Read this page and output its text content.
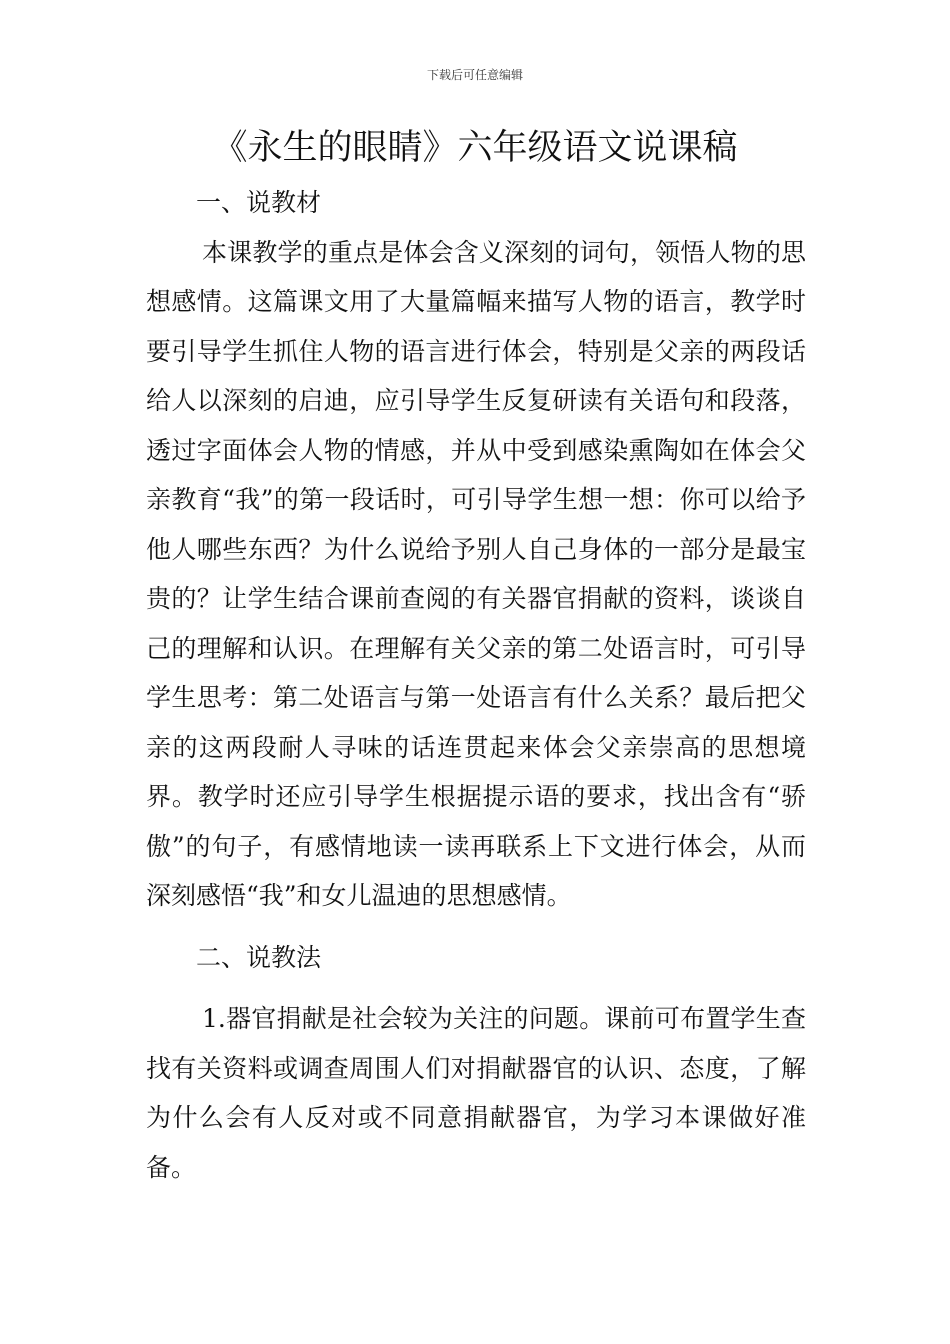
下载后可任意编辑
《永生的眼睛》六年级语文说课稿

一、说教材

本课教学的重点是体会含义深刻的词句，领悟人物的思想感情。这篇课文用了大量篇幅来描写人物的语言，教学时要引导学生抓住人物的语言进行体会，特别是父亲的两段话给人以深刻的启迪，应引导学生反复研读有关语句和段落，透过字面体会人物的情感，并从中受到感染熏陶如在体会父亲教育“我”的第一段话时，可引导学生想一想：你可以给予他人哪些东西？为什么说给予别人自己身体的一部分是最宝贵的？让学生结合课前查阅的有关器官捐献的资料，谈谈自己的理解和认识。在理解有关父亲的第二处语言时，可引导学生思考：第二处语言与第一处语言有什么关系？最后把父亲的这两段耐人寻味的话连贯起来体会父亲崇高的思想境界。教学时还应引导学生根据提示语的要求，找出含有“骄傲”的句子，有感情地读一读再联系上下文进行体会，从而深刻感悟“我”和女儿温迪的思想感情。

二、说教法

1.器官捐献是社会较为关注的问题。课前可布置学生查找有关资料或调查周围人们对捐献器官的认识、态度，了解为什么会有人反对或不同意捐献器官，为学习本课做好准备。
